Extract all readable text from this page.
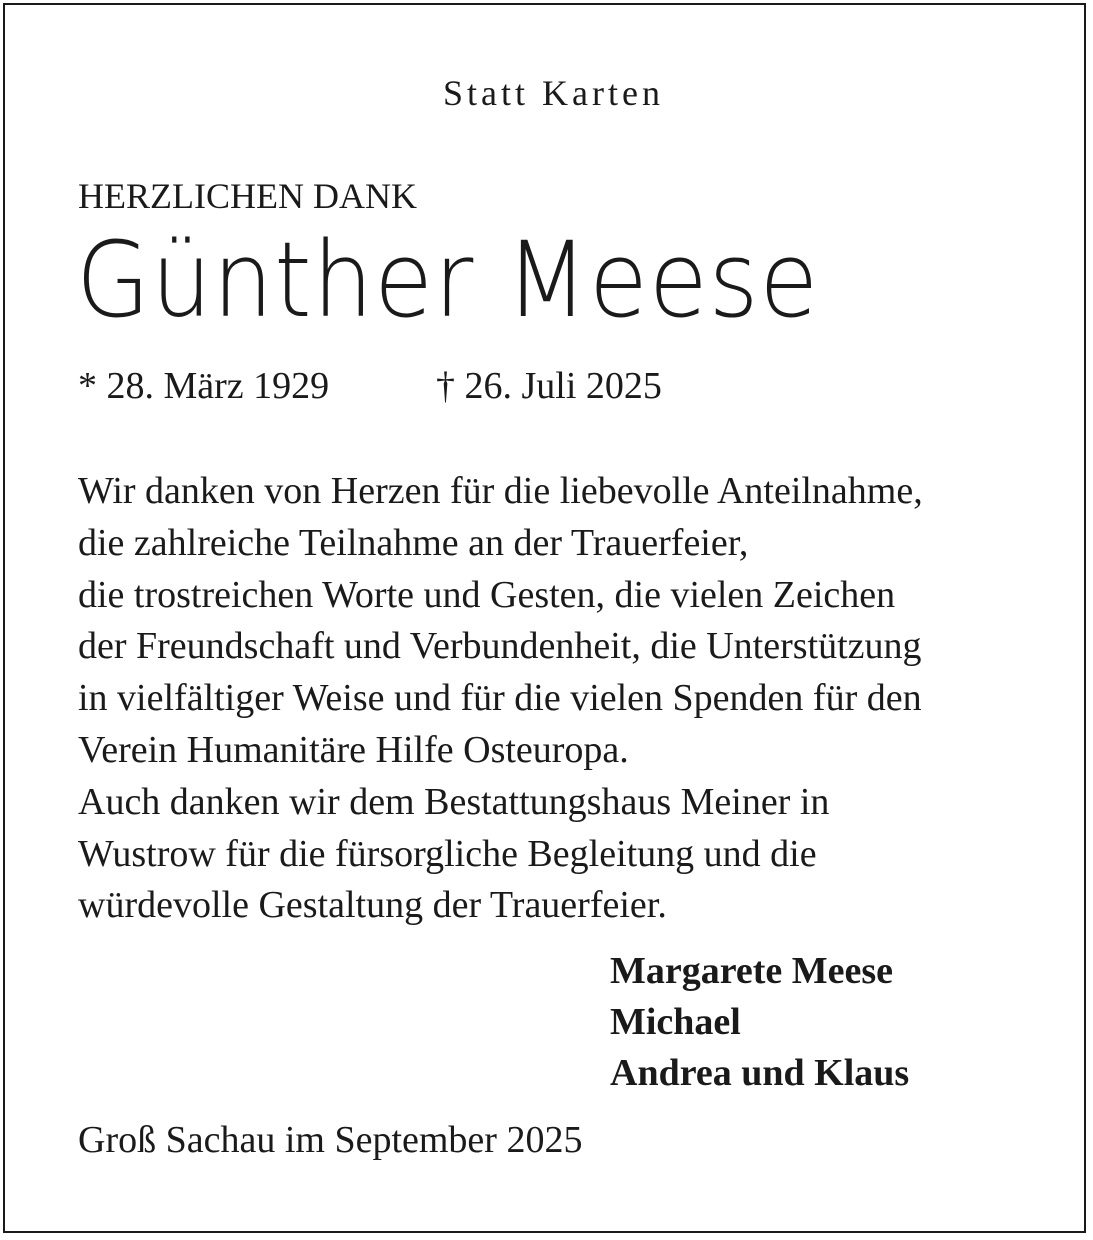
Statt Karten
HERZLICHEN DANK
Günther Meese
* 28. März 1929	† 26. Juli 2025
Wir danken von Herzen für die liebevolle Anteilnahme,
die zahlreiche Teilnahme an der Trauerfeier,
die trostreichen Worte und Gesten, die vielen Zeichen
der Freundschaft und Verbundenheit, die Unterstützung
in vielfältiger Weise und für die vielen Spenden für den
Verein Humanitäre Hilfe Osteuropa.
Auch danken wir dem Bestattungshaus Meiner in
Wustrow für die fürsorgliche Begleitung und die
würdevolle Gestaltung der Trauerfeier.
Margarete Meese
Michael
Andrea und Klaus
Groß Sachau im September 2025
